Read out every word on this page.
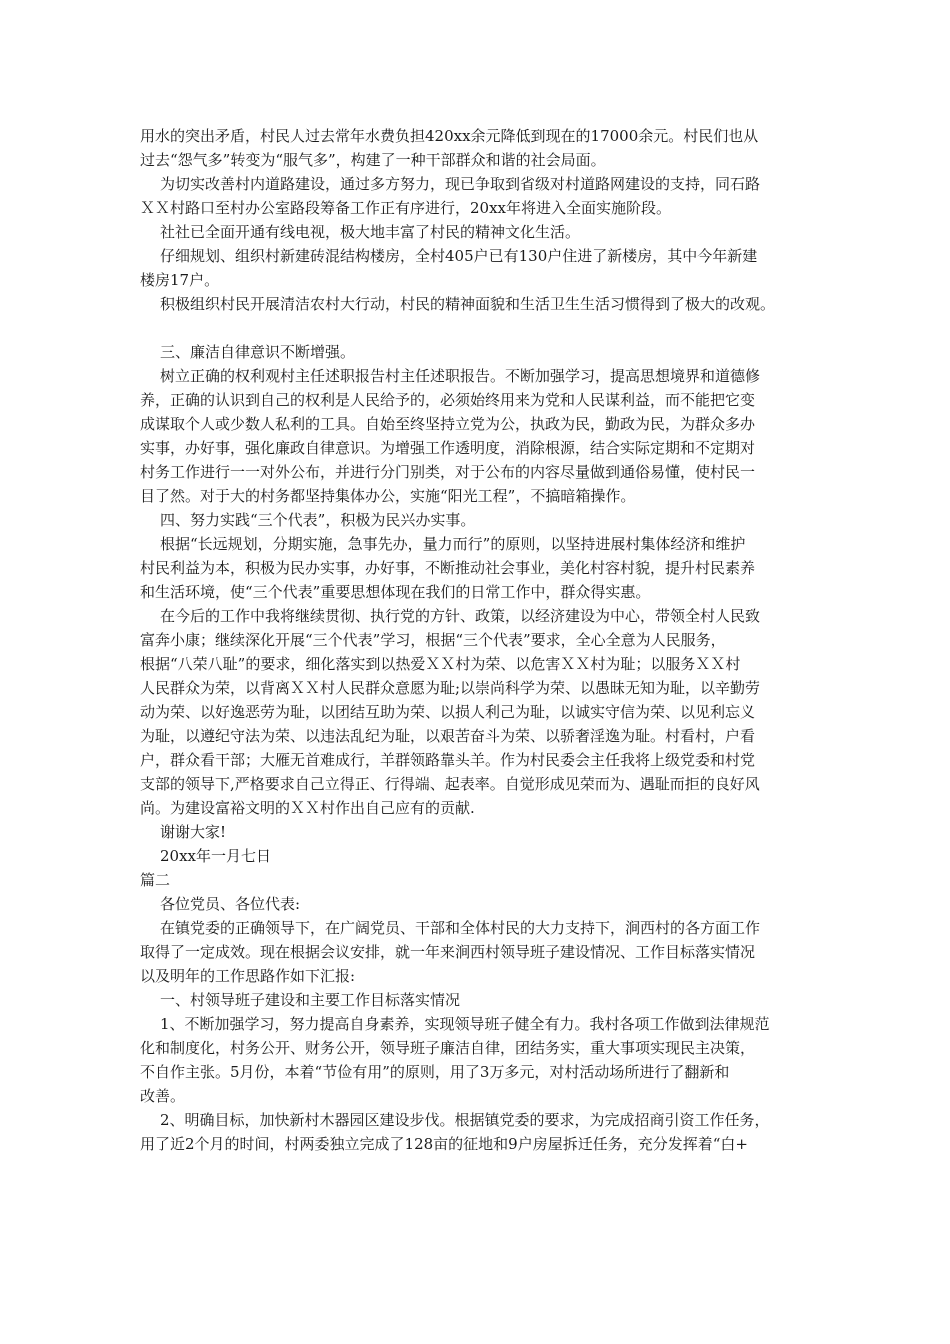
用水的突出矛盾，村民人过去常年水费负担420xx余元降低到现在的17000余元。村民们也从
过去“怨气多”转变为“服气多”，构建了一种干部群众和谐的社会局面。
为切实改善村内道路建设，通过多方努力，现已争取到省级对村道路网建设的支持，同石路
ＸＸ村路口至村办公室路段筹备工作正有序进行，20xx年将进入全面实施阶段。
社社已全面开通有线电视，极大地丰富了村民的精神文化生活。
仔细规划、组织村新建砖混结构楼房，全村405户已有130户住进了新楼房，其中今年新建
楼房17户。
积极组织村民开展清洁农村大行动，村民的精神面貌和生活卫生生活习惯得到了极大的改观。
三、廉洁自律意识不断增强。
树立正确的权利观村主任述职报告村主任述职报告。不断加强学习，提高思想境界和道德修
养，正确的认识到自己的权利是人民给予的，必须始终用来为党和人民谋利益，而不能把它变
成谋取个人或少数人私利的工具。自始至终坚持立党为公，执政为民，勤政为民，为群众多办
实事，办好事，强化廉政自律意识。为增强工作透明度，消除根源，结合实际定期和不定期对
村务工作进行一一对外公布，并进行分门别类，对于公布的内容尽量做到通俗易懂，使村民一
目了然。对于大的村务都坚持集体办公，实施“阳光工程”，不搞暗箱操作。
四、努力实践“三个代表”，积极为民兴办实事。
根据“长远规划，分期实施，急事先办，量力而行”的原则，以坚持进展村集体经济和维护
村民利益为本，积极为民办实事，办好事，不断推动社会事业，美化村容村貌，提升村民素养
和生活环境，使“三个代表”重要思想体现在我们的日常工作中，群众得实惠。
在今后的工作中我将继续贯彻、执行党的方针、政策，以经济建设为中心，带领全村人民致
富奔小康；继续深化开展“三个代表”学习，根据“三个代表”要求，全心全意为人民服务，
根据“八荣八耻”的要求，细化落实到以热爱ＸＸ村为荣、以危害ＸＸ村为耻；以服务ＸＸ村
人民群众为荣，以背离ＸＸ村人民群众意愿为耻;以崇尚科学为荣、以愚昧无知为耻，以辛勤劳
动为荣、以好逸恶劳为耻，以团结互助为荣、以损人利己为耻，以诚实守信为荣、以见利忘义
为耻，以遵纪守法为荣、以违法乱纪为耻，以艰苦奋斗为荣、以骄奢淫逸为耻。村看村，户看
户，群众看干部；大雁无首难成行，羊群领路靠头羊。作为村民委会主任我将上级党委和村党
支部的领导下,严格要求自己立得正、行得端、起表率。自觉形成见荣而为、遇耻而拒的良好风
尚。为建设富裕文明的ＸＸ村作出自己应有的贡献.
谢谢大家!
20xx年一月七日
篇二
各位党员、各位代表:
在镇党委的正确领导下，在广阔党员、干部和全体村民的大力支持下，涧西村的各方面工作
取得了一定成效。现在根据会议安排，就一年来涧西村领导班子建设情况、工作目标落实情况
以及明年的工作思路作如下汇报:
一、村领导班子建设和主要工作目标落实情况
1、不断加强学习，努力提高自身素养，实现领导班子健全有力。我村各项工作做到法律规范
化和制度化，村务公开、财务公开，领导班子廉洁自律，团结务实，重大事项实现民主决策，
不自作主张。5月份，本着“节俭有用”的原则，用了3万多元，对村活动场所进行了翻新和
改善。
2、明确目标，加快新村木器园区建设步伐。根据镇党委的要求，为完成招商引资工作任务，
用了近2个月的时间，村两委独立完成了128亩的征地和9户房屋拆迁任务，充分发挥着“白+
